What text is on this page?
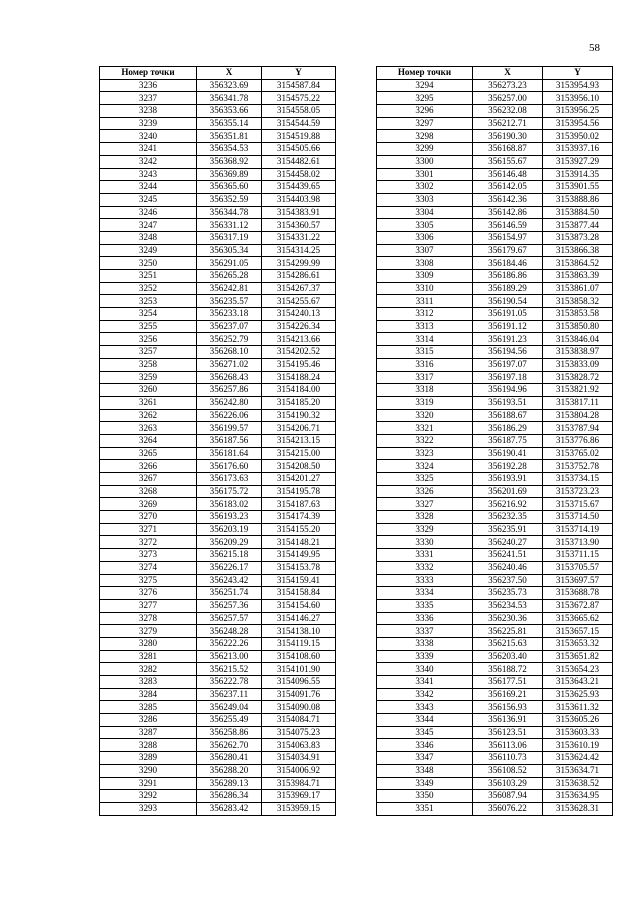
58
Номер точки	X	Y
3236	356323.69	3154587.84
3237	356341.78	3154575.22
3238	356353.66	3154558.05
3239	356355.14	3154544.59
3240	356351.81	3154519.88
3241	356354.53	3154505.66
3242	356368.92	3154482.61
3243	356369.89	3154458.02
3244	356365.60	3154439.65
3245	356352.59	3154403.98
3246	356344.78	3154383.91
3247	356331.12	3154360.57
3248	356317.19	3154331.22
3249	356305.34	3154314.25
3250	356291.05	3154299.99
3251	356265.28	3154286.61
3252	356242.81	3154267.37
3253	356235.57	3154255.67
3254	356233.18	3154240.13
3255	356237.07	3154226.34
3256	356252.79	3154213.66
3257	356268.10	3154202.52
3258	356271.02	3154195.46
3259	356268.43	3154188.24
3260	356257.86	3154184.00
3261	356242.80	3154185.20
3262	356226.06	3154190.32
3263	356199.57	3154206.71
3264	356187.56	3154213.15
3265	356181.64	3154215.00
3266	356176.60	3154208.50
3267	356173.63	3154201.27
3268	356175.72	3154195.78
3269	356183.02	3154187.63
3270	356193.23	3154174.39
3271	356203.19	3154155.20
3272	356209.29	3154148.21
3273	356215.18	3154149.95
3274	356226.17	3154153.78
3275	356243.42	3154159.41
3276	356251.74	3154158.84
3277	356257.36	3154154.60
3278	356257.57	3154146.27
3279	356248.28	3154138.10
3280	356222.26	3154119.15
3281	356213.00	3154108.60
3282	356215.52	3154101.90
3283	356222.78	3154096.55
3284	356237.11	3154091.76
3285	356249.04	3154090.08
3286	356255.49	3154084.71
3287	356258.86	3154075.23
3288	356262.70	3154063.83
3289	356280.41	3154034.91
3290	356288.20	3154006.92
3291	356289.13	3153984.71
3292	356286.34	3153969.17
3293	356283.42	3153959.15
Номер точки	X	Y
3294	356273.23	3153954.93
3295	356257.00	3153956.10
3296	356232.08	3153956.25
3297	356212.71	3153954.56
3298	356190.30	3153950.02
3299	356168.87	3153937.16
3300	356155.67	3153927.29
3301	356146.48	3153914.35
3302	356142.05	3153901.55
3303	356142.36	3153888.86
3304	356142.86	3153884.50
3305	356146.59	3153877.44
3306	356154.97	3153873.28
3307	356179.67	3153866.38
3308	356184.46	3153864.52
3309	356186.86	3153863.39
3310	356189.29	3153861.07
3311	356190.54	3153858.32
3312	356191.05	3153853.58
3313	356191.12	3153850.80
3314	356191.23	3153846.04
3315	356194.56	3153838.97
3316	356197.07	3153833.09
3317	356197.18	3153828.72
3318	356194.96	3153821.92
3319	356193.51	3153817.11
3320	356188.67	3153804.28
3321	356186.29	3153787.94
3322	356187.75	3153776.86
3323	356190.41	3153765.02
3324	356192.28	3153752.78
3325	356193.91	3153734.15
3326	356201.69	3153723.23
3327	356216.92	3153715.67
3328	356232.35	3153714.50
3329	356235.91	3153714.19
3330	356240.27	3153713.90
3331	356241.51	3153711.15
3332	356240.46	3153705.57
3333	356237.50	3153697.57
3334	356235.73	3153688.78
3335	356234.53	3153672.87
3336	356230.36	3153665.62
3337	356225.81	3153657.15
3338	356215.63	3153653.32
3339	356203.40	3153651.82
3340	356188.72	3153654.23
3341	356177.51	3153643.21
3342	356169.21	3153625.93
3343	356156.93	3153611.32
3344	356136.91	3153605.26
3345	356123.51	3153603.33
3346	356113.06	3153610.19
3347	356110.73	3153624.42
3348	356108.52	3153634.71
3349	356103.29	3153638.52
3350	356087.94	3153634.95
3351	356076.22	3153628.31
